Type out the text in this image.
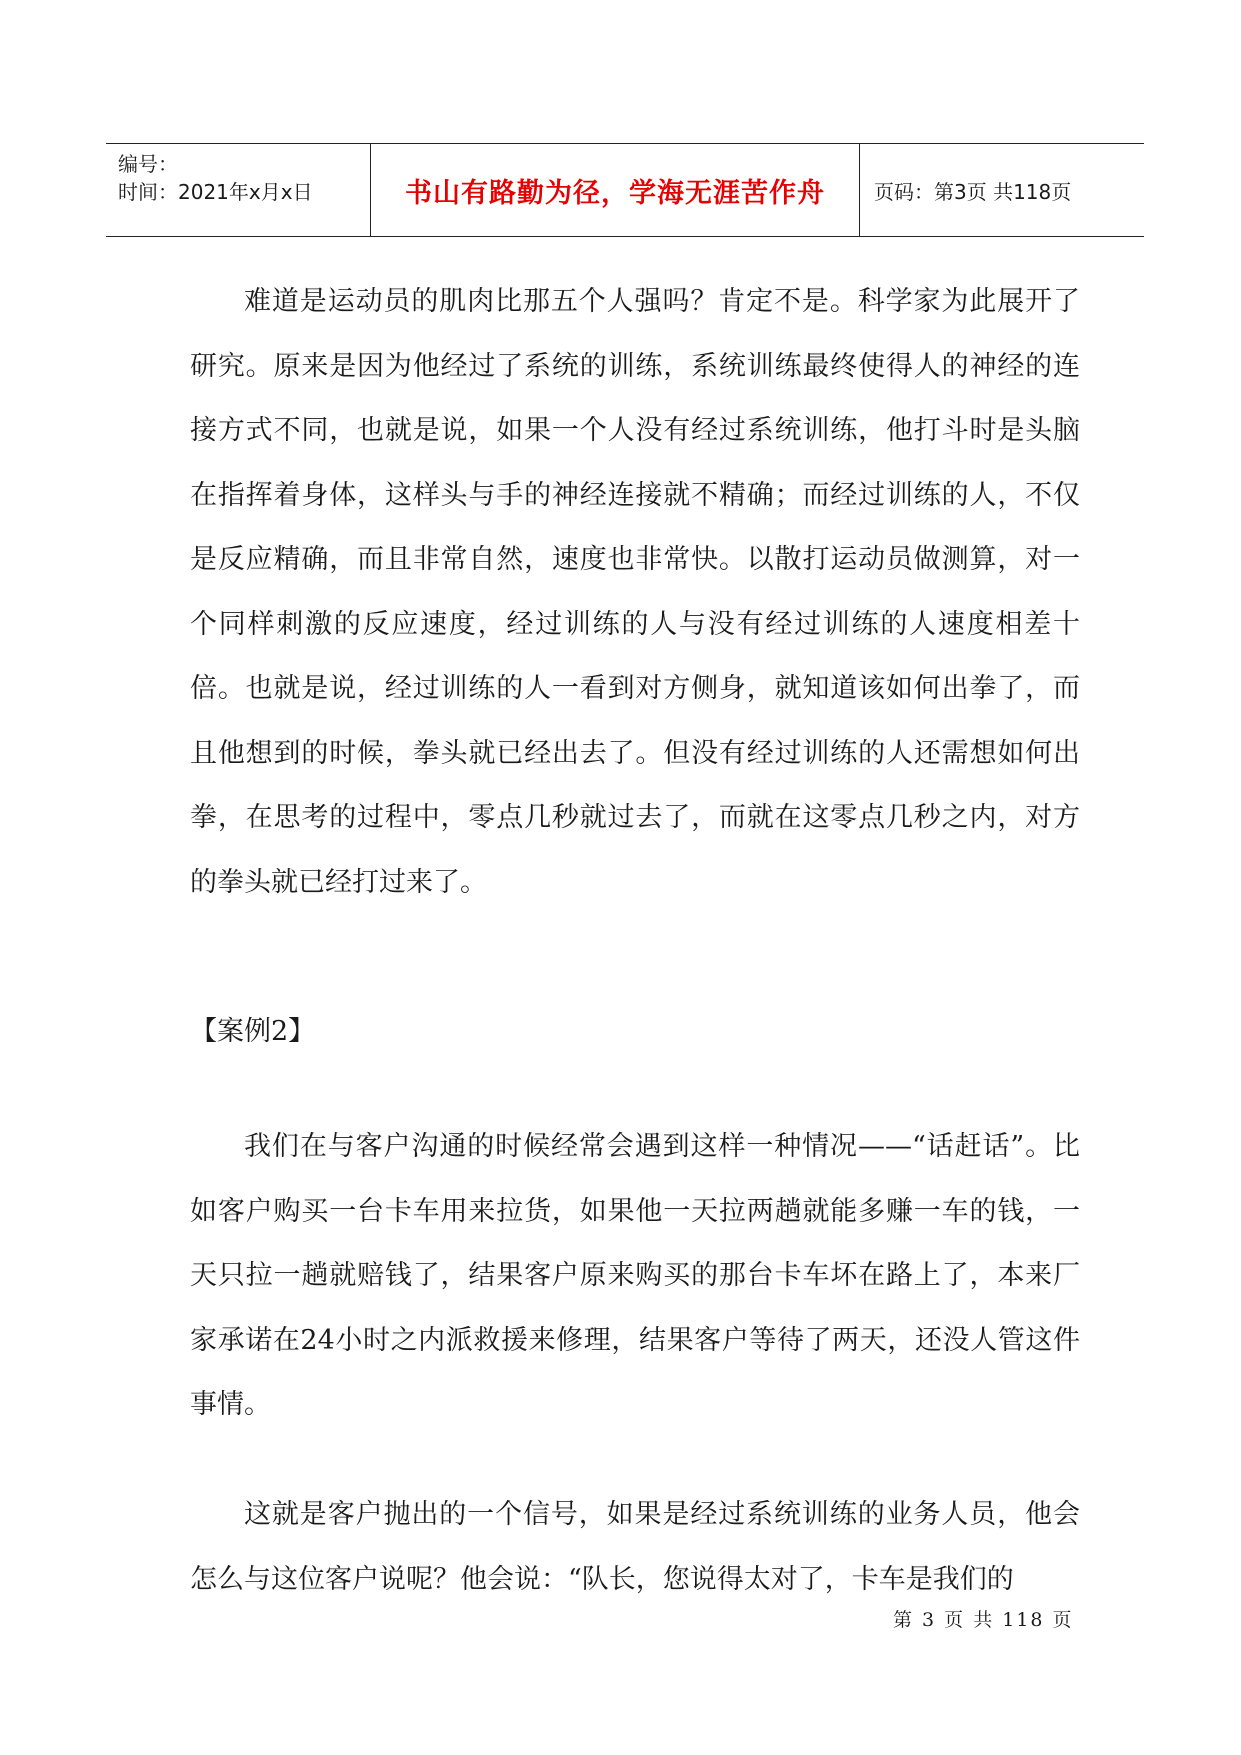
编号：
时间：2021年x月x日	书山有路勤为径，学海无涯苦作舟	页码：第3页 共118页

难道是运动员的肌肉比那五个人强吗？肯定不是。科学家为此展开了研究。原来是因为他经过了系统的训练，系统训练最终使得人的神经的连接方式不同，也就是说，如果一个人没有经过系统训练，他打斗时是头脑在指挥着身体，这样头与手的神经连接就不精确；而经过训练的人，不仅是反应精确，而且非常自然，速度也非常快。以散打运动员做测算，对一个同样刺激的反应速度，经过训练的人与没有经过训练的人速度相差十倍。也就是说，经过训练的人一看到对方侧身，就知道该如何出拳了，而且他想到的时候，拳头就已经出去了。但没有经过训练的人还需想如何出拳，在思考的过程中，零点几秒就过去了，而就在这零点几秒之内，对方的拳头就已经打过来了。

【案例2】

我们在与客户沟通的时候经常会遇到这样一种情况——“话赶话”。比如客户购买一台卡车用来拉货，如果他一天拉两趟就能多赚一车的钱，一天只拉一趟就赔钱了，结果客户原来购买的那台卡车坏在路上了，本来厂家承诺在24小时之内派救援来修理，结果客户等待了两天，还没人管这件事情。

这就是客户抛出的一个信号，如果是经过系统训练的业务人员，他会怎么与这位客户说呢？他会说：“队长，您说得太对了，卡车是我们的

第 3 页 共 118 页
